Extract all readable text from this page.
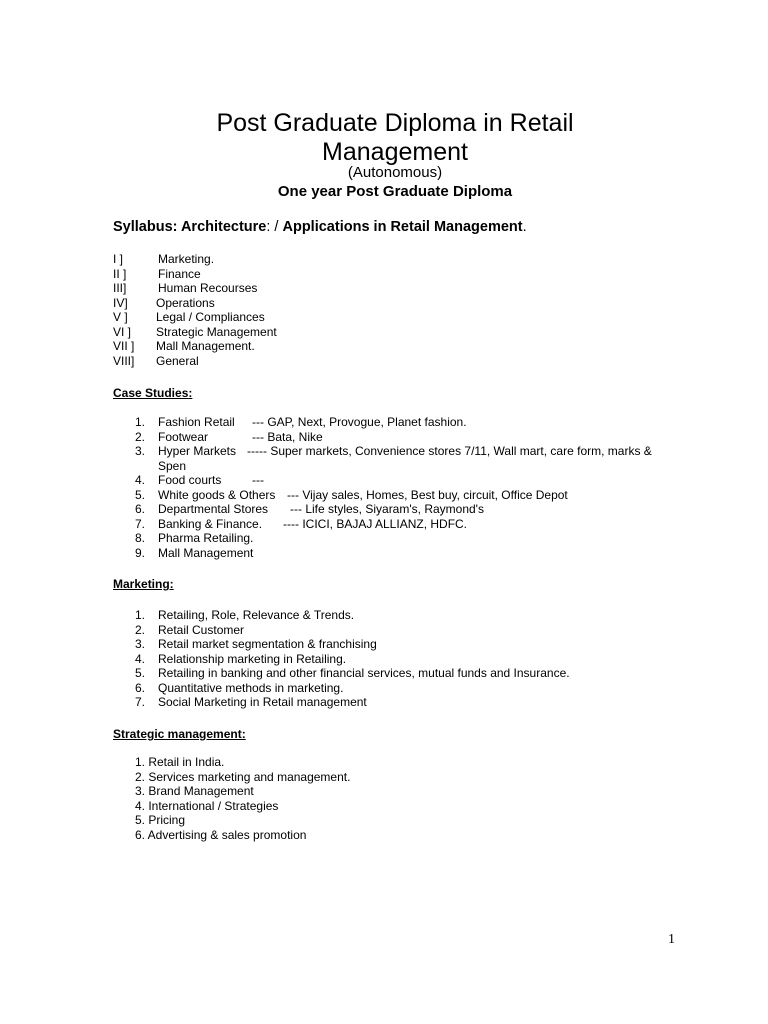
Post Graduate Diploma in Retail
Management
(Autonomous)
One year Post Graduate Diploma
Syllabus: Architecture: / Applications in Retail Management.
I ]	Marketing.
II ]	Finance
III]	Human Recourses
IV] Operations
V ] Legal / Compliances
VI ] Strategic Management
VII ] Mall Management.
VIII] General
Case Studies:
1. Fashion Retail --- GAP, Next, Provogue, Planet fashion.
2. Footwear	--- Bata, Nike
3. Hyper Markets ----- Super markets, Convenience stores 7/11, Wall mart, care form, marks &
Spen
4. Food courts	---
5. White goods & Others --- Vijay sales, Homes, Best buy, circuit, Office Depot
6. Departmental Stores --- Life styles, Siyaram's, Raymond's
7. Banking & Finance. ---- ICICI, BAJAJ ALLIANZ, HDFC.
8. Pharma Retailing.
9. Mall Management
Marketing:
1. Retailing, Role, Relevance & Trends.
2. Retail Customer
3. Retail market segmentation & franchising
4. Relationship marketing in Retailing.
5. Retailing in banking and other financial services, mutual funds and Insurance.
6. Quantitative methods in marketing.
7. Social Marketing in Retail management
Strategic management:
1. Retail in India.
2. Services marketing and management.
3. Brand Management
4. International / Strategies
5. Pricing
6. Advertising & sales promotion
1
